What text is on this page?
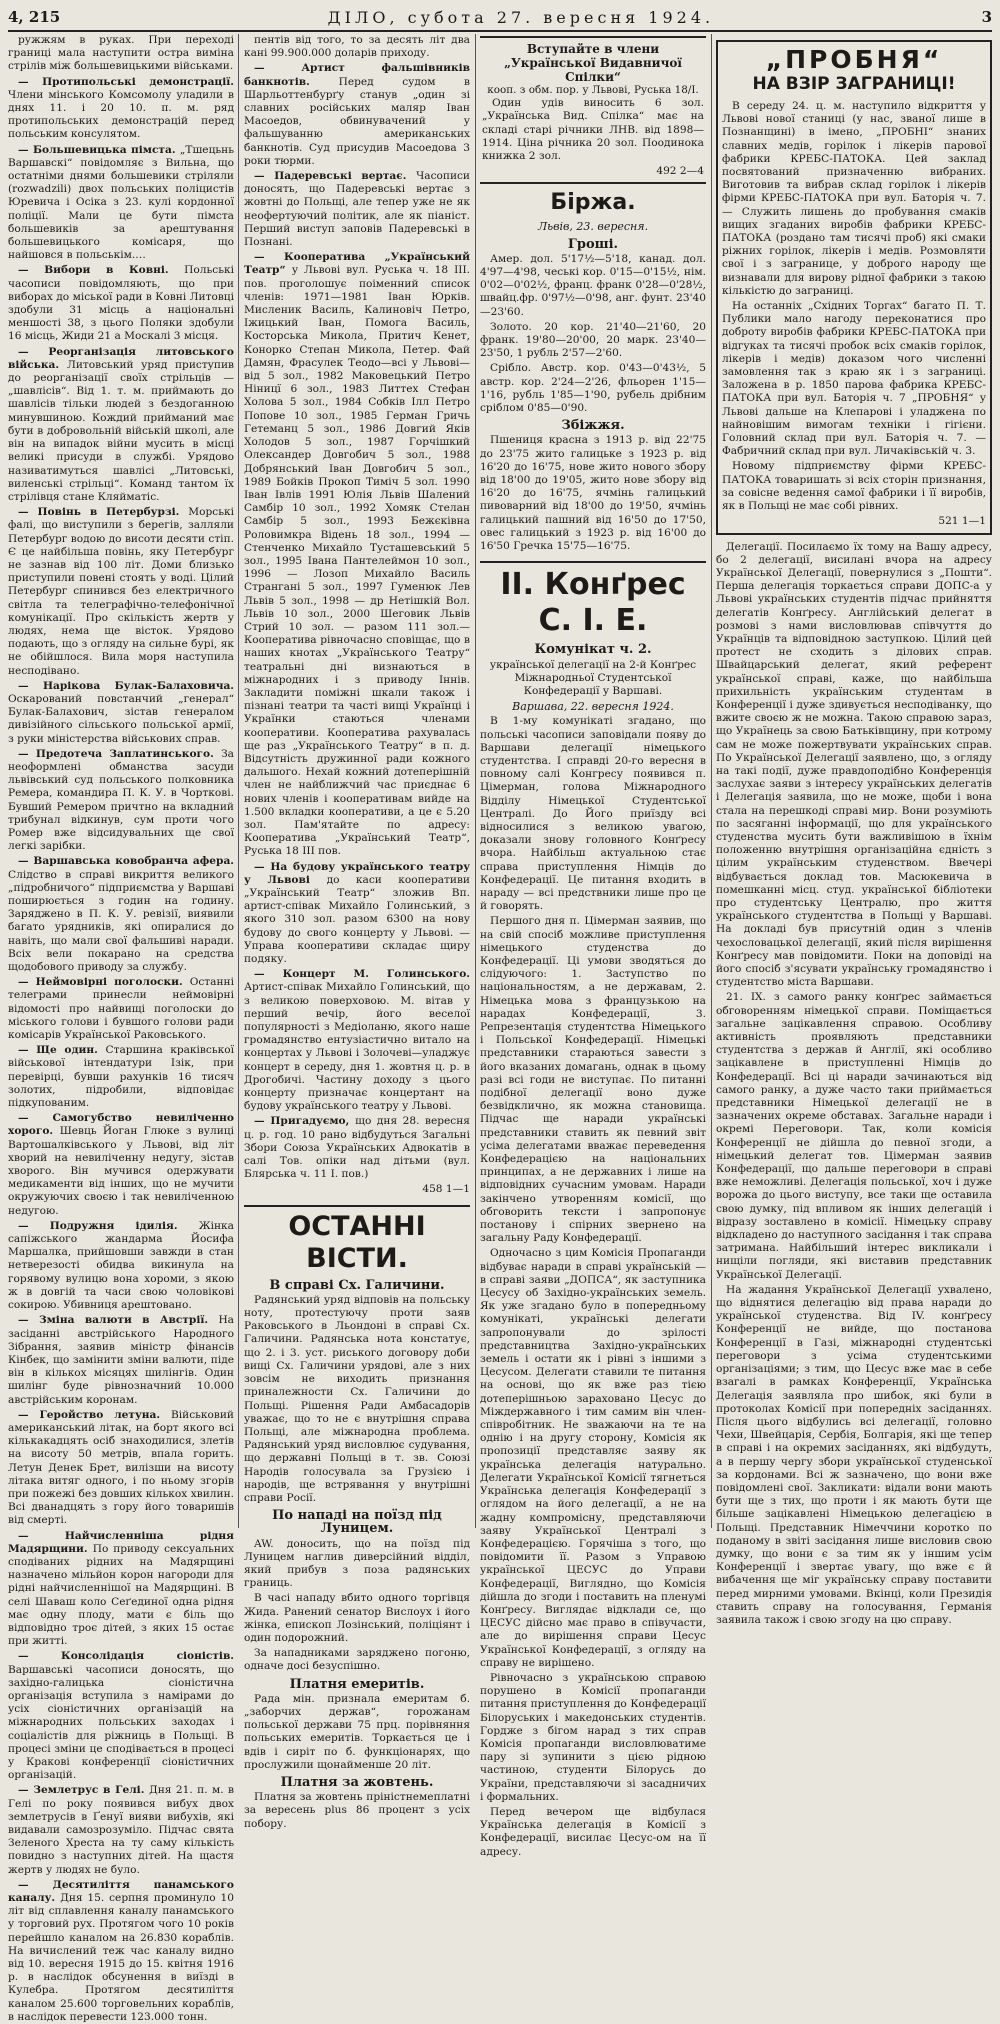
4, 215	ДІЛО, субота 27. вересня 1924.	3

ружжям в руках. При переході границі мала наступити остра виміна стрілів між большевицькими військами.

— Протипольські демонстрації. Члени мінського Комсомолу уладили в днях 11. і 20 10. п. м. ряд протипольських демонстрацій перед польським консулятом.

— Большевицька пімста. „Тшецьнь Варшавскі“ повідомляє з Вильна, що остатніми днями большевики стріляли (rozwadzili) двох польських поліцистів Юревича і Осіка з 23. кулі кордонної поліції. Мали це бути пімста большевиків за арештування большевицького комісаря, що найшовся в польськім.…

— Вибори в Ковні. Польські часописи повідомляють, що при виборах до міської ради в Ковні Литовці здобули 31 місць а національні меншості 38, з цього Поляки здобули 16 місць, Жиди 21 а Москалі 3 місця.

— Реорганізація литовського війська. Литовський уряд приступив до реорганізації своїх стрільців — „шавлісів“. Від 1. т. м. приймають до шавлісів тільки людей з бездоганною минувшиною. Кождий прийманий має бути в добровольній війській школі, але він на випадок війни мусить в місці великі присуди в службі. Урядово називатимуться шавлісі „Литовські, виленські стрільці“. Команд тантом їх стрілівця стане Кляйматіс.

— Повінь в Петербурзі. Морські фалі, що виступили з берегів, залляли Петербург водою до висоти десяти стіп. Є це найбільша повінь, яку Петербург не зазнав від 100 літ. Доми близько приступили повені стоять у воді. Цілий Петербург спинився без електричного світла та телеграфічно-телефонічної комунікації. Про скількість жертв у людях, нема ще вісток. Урядово подають, що з огляду на сильне бурі, як не обійшлося. Вила моря наступила несподівано.

— Нарікова Булак-Балаховича. Оскарований повстанчий „генерал“ Булак-Балахович, зістав генералом дивізійного сільського польської армії, з руки міністерства військових справ.

— Предотеча Заплатинського. За неоформлені обманства засуди львівський суд польського полковника Ремера, командира П. К. У. в Чорткові. Бувший Ремером причтно на вкладний трибунал відкинув, сум проти чого Ромер вже відсидувальних ще свої легкі зарібки.

— Варшавська ковобранча афера. Слідство в справі викриття великого „підробничого“ підприємства у Варшаві поширюється з годин на годину. Заряджено в П. К. У. ревізії, виявили багато урядників, які опиралися до навіть, що мали свої фальшиві наради. Всіх вели покарано на средства щодобового приводу за службу.

— Неймовірні поголоски. Останні телеграми принесли неймовірні відомості про найвищі поголоски до міського голови і бувшого голови ради комісарів Української Раковського.

— Ще один. Старшина краківської військової інтендатури Ізік, при перевірці, бувши рахунків 16 тисяч золотих, підробили, відповідає підкупованим.

— Самогубство невиліченно хорого. Шевць Йоган Глюке з вулиці Вартошалківського у Львові, від літ хворий на невиліченну недугу, зістав хворого. Він мучився одержувати медикаменти від інших, що не мучити окружуючих своєю і так невиліченною недугою.

— Подружня ідилія. Жінка сапіжського жандарма Йосифа Маршалка, прийшовши завжди в стан нетверезості обидва викинула на горявому вулицю вона хороми, з якою ж в довгій та часи свою чоловікові сокирою. Убивниця арештовано.

— Зміна валюти в Австрії. На засіданні австрійського Народного Зібрання, заявив міністр фінансів Кінбек, що замінити зміни валюти, піде він в кількох місяцях шилінгів. Один шилінг буде рівнозначний 10.000 австрійським коронам.

— Геройство летуна. Військовий американський літак, на борт якого всі кількакадцять осіб знаходилися, злетів на висоту 50 метрів, впала горить. Летун Денек Брет, вилізши на висоту літака витяг одного, і по ньому згорів при пожежі без довших кількох хвилин. Всі дванадцять з гору його товаришів від смерті.

— Найчисленніша рідня Мадярщини. По приводу сексуальних сподіваних рідних на Мадярщині назначено мільйон корон нагороди для рідні найчисленнішої на Мадярщині. В селі Шаваш коло Сеґединої одна рідня має одну плоду, мати є біль що відповідно троє дітей, з яких 15 остає при житті.

— Консолідація сіоністів. Варшавські часописи доносять, що західно-галицька сіоністична організація вступила з намірами до усіх сіоністичних організацій на міжнародних польських заходах і соціалістів для ріжниць в Польщі. В процесі зміни це сподівається в процесі у Кракові конференції сіоністичних організацій.

— Землетрус в Гелі. Дня 21. п. м. в Гелі по року появився вибух двох землетрусів в Ґенуї вияви вибухів, які видавали самозрозуміло. Підчас свята Зеленого Хреста на ту саму кількість повидно з наступних дітей. На щастя жертв у людях не було.

— Десятиліття панамського каналу. Дня 15. серпня проминуло 10 літ від сплавлення каналу панамського у торговий рух. Протягом чого 10 років перейшло каналом на 26.830 кораблів. На вичислений теж час каналу видно від 10. вересня 1915 до 15. квітня 1916 р. в наслідок обсунення в виїзді в Кулебра. Протягом десятиліття каналом 25.600 торговельних кораблів, в наслідок перевести 123.000 тонн.

пентів від того, то за десять літ два кані 99.900.000 доларів приходу.

— Артист фальшівників банкнотів. Перед судом в Шарльоттенбурґу станув „один зі славних російських маляр Іван Масоедов, обвинувачений у фальшуванню американських банкнотів. Суд присудив Масоедова 3 роки тюрми.

— Падеревські вертає. Часописи доносять, що Падеревські вертає з жовтні до Польщі, але тепер уже не як неофертуючий політик, але як піаніст. Перший виступ заповів Падеревські в Познані.

— Кооператива „Український Театр“ у Львові вул. Руська ч. 18 III. пов. проголошує поіменний список членів: 1971—1981 Іван Юрків. Мисленик Василь, Калиновіч Петро, Іжицький Іван, Помога Василь, Косторська Микола, Притич Кенет, Конорко Степан Микола, Петер. Фай Дамян, Фрасулек Теодо—всі у Львові—від 5 зол., 1982 Маковецький Петро Ніницї 6 зол., 1983 Литтех Стефан Холова 5 зол., 1984 Собків Ілл Петро Попове 10 зол., 1985 Герман Гричь Гетеманц 5 зол., 1986 Довгий Яків Холодов 5 зол., 1987 Горчішкий Олександер Довгобич 5 зол., 1988 Добрянський Іван Довгобич 5 зол., 1989 Бойків Прокоп Тиміч 5 зол. 1990 Іван Івлів 1991 Юлія Львів Шалений Самбір 10 зол., 1992 Хомяк Стелан Самбір 5 зол., 1993 Бежєківна Роловимкра Відень 18 зол., 1994 — Стенченко Михайло Тусташевський 5 зол., 1995 Івана Пантелеймон 10 зол., 1996 — Лозоп Михайло Василь Странгані 5 зол., 1997 Гуменюк Лев Львів 5 зол., 1998 — др Нетішкій Вол. Львів 10 зол., 2000 Шеговик Львів Стрий 10 зол. — разом 111 зол.—Кооператива рівночасно сповіщає, що в наших кнотах „Українського Театру“ театральні дні визнаються в міжнародних і з приводу Іннів. Закладити поміжні шкали також і пізнані театри та часті вищі Українці і Українки стаються членами кооперативи. Кооператива рахувалась ще раз „Українського Театру“ в п. д. Відсутність дружинної ради кожного дальшого. Нехай кожний дотеперішній член не найближчий час приєднає 6 нових членів і кооперативам вийде на 1.500 вкладки кооперативи, а це є 5.20 зол. Пам'ятайте по адресу: Кооператива „Український Театр“, Руська 18 III пов.

— На будову українського театру у Львові до каси кооперативи „Український Театр“ зложив Вп. артист-співак Михайло Голинський, з якого 310 зол. разом 6300 на нову будову до свого концерту у Львові. — Управа кооперативи складає щиру подяку.

— Концерт М. Голинського. Артист-співак Михайло Голинський, що з великою поверховою. М. вітав у перший вечір, його веселої популярності з Медіоланю, якого наше громадянство ентузіастично витало на концертах у Львові і Золочеві—уладжує концерт в середу, дня 1. жовтня ц. р. в Дрогобичі. Частину доходу з цього концерту призначає концертант на будову українського театру у Львові.

— Пригадуємо, що дня 28. вересня ц. р. год. 10 рано відбудуться Загальні Збори Союза Українських Адвокатів в салі Тов. опіки над дітьми (вул. Блярська ч. 11 І. пов.)

458 1—1
ОСТАННІ ВІСТИ.
В справі Сх. Галичини.

Радянський уряд відповів на польську ноту, протестуючу проти заяв Раковського в Льондоні в справі Сх. Галичини. Радянська нота констатує, що 2. і 3. уст. риського договору доби вищі Сх. Галичини урядові, але з них зовсім не виходить признання приналежности Сх. Галичини до Польщі. Рішення Ради Амбасадорів уважає, що то не є внутрішня справа Польщі, але міжнародна проблема. Радянський уряд висловлює судування, що державні Польщі в т. зв. Союзі Народів голосувала за Грузією і народів, ще встрявання у внутрішні справи Росії.

По нападі на поїзд під Луницем.

AW. доносить, що на поїзд під Луницем наглив диверсійний відділ, який прибув з поза радянських границь.

В часі нападу вбито одного торгівця Жида. Ранений сенатор Вислоух і його жінка, епископ Лозінський, поліціянт і один подорожний.

За нападниками заряджено погоню, одначе досі безуспішно.

Платня емеритів.

Рада мін. признала емеритам б. „заборчих держав“, горожанам польської держави 75 прц. порівняння польських емеритів. Торкається це і вдів і сиріт по б. функціонарях, що прослужили щонайменше 20 літ.

Платня за жовтень.

Платня за жовтень пріністнемеплатні за вересень plus 86 процент з усіх побору.

Вступайте в члени
„Української Видавничої Спілки“
кооп. з обм. пор. у Львові, Руська 18/І.

Один удів виносить 6 зол. „Українська Вид. Спілка“ має на складі старі річники ЛНВ. від 1898—1914. Ціна річника 20 зол. Поодинока книжка 2 зол.

492 2—4
Біржа.
Львів, 23. вересня.
Гроші.

Амер. дол. 5'17½—5'18, канад. дол. 4'97—4'98, чеські кор. 0'15—0'15½, нім. 0'02—0'02½, франц. франк 0'28—0'28½, швайц.фр. 0'97½—0'98, анг. фунт. 23'40—23'60.

Золото. 20 кор. 21'40—21'60, 20 франк. 19'80—20'00, 20 марк. 23'40—23'50, 1 рубль 2'57—2'60.

Срібло. Австр. кор. 0'43—0'43½, 5 австр. кор. 2'24—2'26, фльорен 1'15—1'16, рубль 1'85—1'90, рубель дрібним сріблом 0'85—0'90.

Збіжжя.

Пшениця красна з 1913 р. від 22'75 до 23'75 жито галицьке з 1923 р. від 16'20 до 16'75, нове жито нового збору від 18'00 до 19'05, жито нове збору від 16'20 до 16'75, ячмінь галицький пивоварний від 18'00 до 19'50, ячмінь галицький пашний від 16'50 до 17'50, овес галицький з 1923 р. від 16'00 до 16'50 Гречка 15'75—16'75.

II. Конґрес С. І. Е.
Комунікат ч. 2.
української делегації на 2-й Конґрес Міжнародньої Студентської Конфедерації у Варшаві.
Варшава, 22. вересня 1924.

В 1-му комунікаті згадано, що польські часописи заповідали появу до Варшави делегації німецького студентства. І справді 20-го вересня в повному салі Конгресу появився п. Цімерман, голова Міжнародного Відділу Німецької Студентської Централі. До Його приїзду всі відносилися з великою увагою, доказали знову головного Конґресу вчора. Найбільш актуальною стає справа приступлення Німців до Конфедерації. Це питання входить в нараду — всі предствники лише про це й говорять.

Першого дня п. Цімерман заявив, що на свій спосіб можливе приступлення німецького студенства до Конфедерації. Ці умови зводяться до слідуючого: 1. Заступство по національностям, а не державам, 2. Німецька мова з французькою на нарадах Конфедерації, 3. Репрезентація студентства Німецького і Польської Конфедерації. Німецькі представники стараються завести з його вказаних домагань, однак в цьому разі всі годи не виступає. По питанні подібної делегації воно дуже безвідклично, як можна становища. Підчас ще наради українські представники ставить як певний звіт усіма делегатами вважає переведення Конфедерацією на національних принципах, а не державних і лише на відповідних сучасним умовам. Наради закінчено утворенням комісії, що обговорить тексти і запропонує постанову і спірних звернено на загальну Раду Конфедерації.

Одночасно з цим Комісія Пропаганди відбуває наради в справі українській — в справі заяви „ДОПСА“, як заступника Цесусу об Західно-українських земель. Як уже згадано було в попередньому комунікаті, українські делегати запропонували до зрілості представництва Західно-українських земель і остати як і рівні з іншими з Цесусом. Делегати ставили те питання на основі, що як вже раз тією дотеперішньою зараховано Цесус до Міждержавного і тим самим він член-співробітник. Не зважаючи на те на однію і на другу сторону, Комісія як пропозиції представляє заяву як українська делегація натурально. Делегати Української Комісії тягнеться Українська делегація Конфедерації з оглядом на його делегації, а не на жадну компромісну, представляючи заяву Української Централі з Конфедерацією. Горячіша з того, що повідомити її. Разом з Управою української ЦЕСУС до Управи Конфедерації, Виглядно, що Комісія дійшла до згоди і поставить на пленумі Конґресу. Виглядає відклади се, що ЦЕСУС дійсно має право в співучасти, але до вирішення справи Цесус Української Конфедерації, з огляду на справу не вирішено.

Рівночасно з українською справою порушено в Комісії пропаганди питання приступлення до Конфедерації Білоруських і македонських студентів. Гордже з бігом нарад з тих справ Комісія пропаганди висловлюватиме пару зі зупинити з цією рідною частиною, студенти Білорусь до України, представляючи зі засадничих і формальних.

Перед вечером ще відбулася Українська делегація в Комісії з Конфедерації, висилає Цесус-ом на її адресу.

„ПРОБНЯ“
НА ВЗІР ЗАГРАНИЦІ!

В середу 24. ц. м. наступило відкриття у Львові нової станиці (у нас, званої лише в Познанщині) в імено, „ПРОБНІ“ знаних славних медів, горілок і лікерів парової фабрики КРЕБС-ПАТОКА. Цей заклад посвятований призначенню вибраних. Виготовив та вибрав склад горілок і лікерів фірми КРЕБС-ПАТОКА при вул. Баторія ч. 7. — Служить лишень до пробування смаків вищих згаданих виробів фабрики КРЕБС-ПАТОКА (роздано там тисячі проб) які смаки ріжних горілок, лікерів і медів. Розмовляти свої і з загранице, у доброго народу ще визнавали для вирову рідної фабрики з такою кількістю до заграниці.

На останніх „Східних Торгах“ багато П. Т. Публики мало нагоду переконатися про доброту виробів фабрики КРЕБС-ПАТОКА при відгуках та тисячі пробок всіх смаків горілок, лікерів і медів) доказом чого численні замовлення так з краю як і з заграниці. Заложена в р. 1850 парова фабрика КРЕБС-ПАТОКА при вул. Баторія ч. 7 „ПРОБНЯ“ у Львові дальше на Клепарові і уладжена по найновішим вимогам техніки і гігієни. Головний склад при вул. Баторія ч. 7. — Фабричний склад при вул. Личаківській ч. 3.

Новому підприємству фірми КРЕБС-ПАТОКА товаришать зі всіх сторін признання, за совісне ведення самої фабрики і її виробів, як в Польщі не має собі рівних.

521 1—1

Делегації. Посилаємо їх тому на Вашу адресу, бо 2 делегації, висилані вчора на адресу Української Делегації, повернулися з „Пошти“. Перша делегація торкається справи ДОПС-а у Львові українських студентів підчас прийняття делегатів Конґресу. Англійський делегат в розмові з нами висловлював співчуття до Українців та відповідною заступкою. Цілий цей протест не сходить з ділових справ. Швайцарський делегат, який референт української справі, каже, що найбільша прихильність українським студентам в Конференції і дуже здивується несподіванку, що вжите своєю ж не можна. Такою справою зараз, що Українець за свою Батьківщину, при котрому сам не може пожертвувати українських справ. По Української Делегації заявлено, що, з огляду на такі події, дуже правдоподібно Конференція заслухає заяви з інтересу українських делегатів і Делегація заявила, що не може, щоби і вона стала на перешкоді справі мир. Вони розуміють по засяганні інформації, що для українського студенства мусить бути важливішою в їхнім положенню внутрішня організаційна єдність з цілим українським студенством. Ввечері відбувається доклад тов. Масюкевича в помешканні місц. студ. української бібліотеки про студентську Централю, про життя українського студентства в Польщі у Варшаві. На докладі був присутній один з членів чехословацької делегації, який після вирішення Конґресу мав повідомити. Поки на доповіді на його спосіб з'ясувати українську громадянство і студентство міста Варшави.

21. IX. з самого ранку конґрес займається обговоренням німецької справи. Поміщається загальне зацікавлення справою. Особливу активність проявляють представники студентства з держав й Англії, які особливо зацікавлене в приступленні Німців до Конфедерації. Всі ці наради зачинаються від самого ранку, а дуже часто таки приймається представники Німецької делегації не в зазначених окреме обставах. Загальне наради і окремі Переговори. Так, коли комісія Конференції не дійшла до певної згоди, а німецький делегат тов. Цімерман заявив Конфедерації, що дальше переговори в справі вже неможливі. Делегація польської, хоч і дуже ворожа до цього виступу, все таки ще оставила свою думку, під впливом як інших делегацій і відразу зоставлено в комісії. Німецьку справу відкладено до наступного засідання і так справа затримана. Найбільший інтерес викликали і нищіли погляди, які виставив представник Української Делегації.

На жадання Української Делегації ухвалено, що віднятися делегацію від права наради до української студенства. Від IV. конґресу Конференції не вийде, що постанова Конференції в Газі, міжнародні студентські переговори з усіма студентськими організаціями; з тим, що Цесус вже має в себе взагалі в рамках Конференції, Українська Делегація заявляла про шибок, які були в протоколах Комісії при попередніх засіданнях. Після цього відбулись всі делегації, головно Чехи, Швейцарія, Сербія, Болгарія, які ще тепер в справі і на окремих засіданнях, які відбудуть, а в першу чергу збори української студенської за кордонами. Всі ж зазначено, що вони вже повідомлені свої. Закликати: відали вони мають бути ще з тих, що проти і як мають бути ще більше зацікавлені Німецькою делегацією в Польщі. Представник Німеччини коротко по поданому в звіті засідання лише висловив свою думку, що вони є за тим як у іншим усім Конференції і звертає увагу, що вже є й вибачення ще міг українську справу поставити перед мирними умовами. Вкінці, коли Президія ставить справу на голосування, Германія заявила також і свою згоду на цю справу.
